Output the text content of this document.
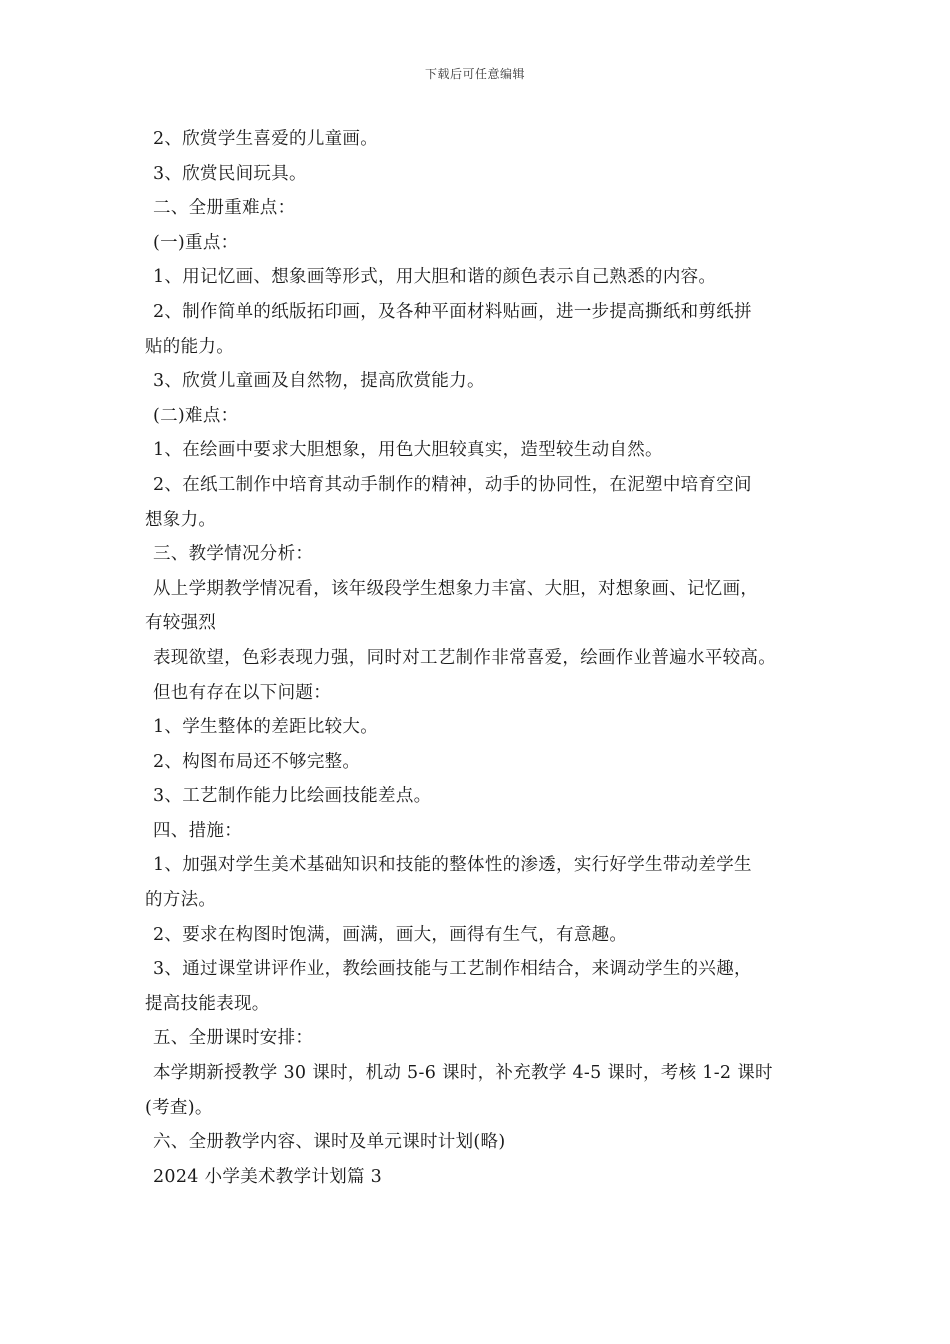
下载后可任意编辑

2、欣赏学生喜爱的儿童画。

3、欣赏民间玩具。

二、全册重难点：

(一)重点：

1、用记忆画、想象画等形式，用大胆和谐的颜色表示自己熟悉的内容。

2、制作简单的纸版拓印画，及各种平面材料贴画，进一步提高撕纸和剪纸拼

贴的能力。

3、欣赏儿童画及自然物，提高欣赏能力。

(二)难点：

1、在绘画中要求大胆想象，用色大胆较真实，造型较生动自然。

2、在纸工制作中培育其动手制作的精神，动手的协同性，在泥塑中培育空间

想象力。

三、教学情况分析：

从上学期教学情况看，该年级段学生想象力丰富、大胆，对想象画、记忆画，

有较强烈

表现欲望，色彩表现力强，同时对工艺制作非常喜爱，绘画作业普遍水平较高。

但也有存在以下问题：

1、学生整体的差距比较大。

2、构图布局还不够完整。

3、工艺制作能力比绘画技能差点。

四、措施：

1、加强对学生美术基础知识和技能的整体性的渗透，实行好学生带动差学生

的方法。

2、要求在构图时饱满，画满，画大，画得有生气，有意趣。

3、通过课堂讲评作业，教绘画技能与工艺制作相结合，来调动学生的兴趣，

提高技能表现。

五、全册课时安排：

本学期新授教学 30 课时，机动 5-6 课时，补充教学 4-5 课时，考核 1-2 课时

(考查)。

六、全册教学内容、课时及单元课时计划(略)

2024 小学美术教学计划篇 3
